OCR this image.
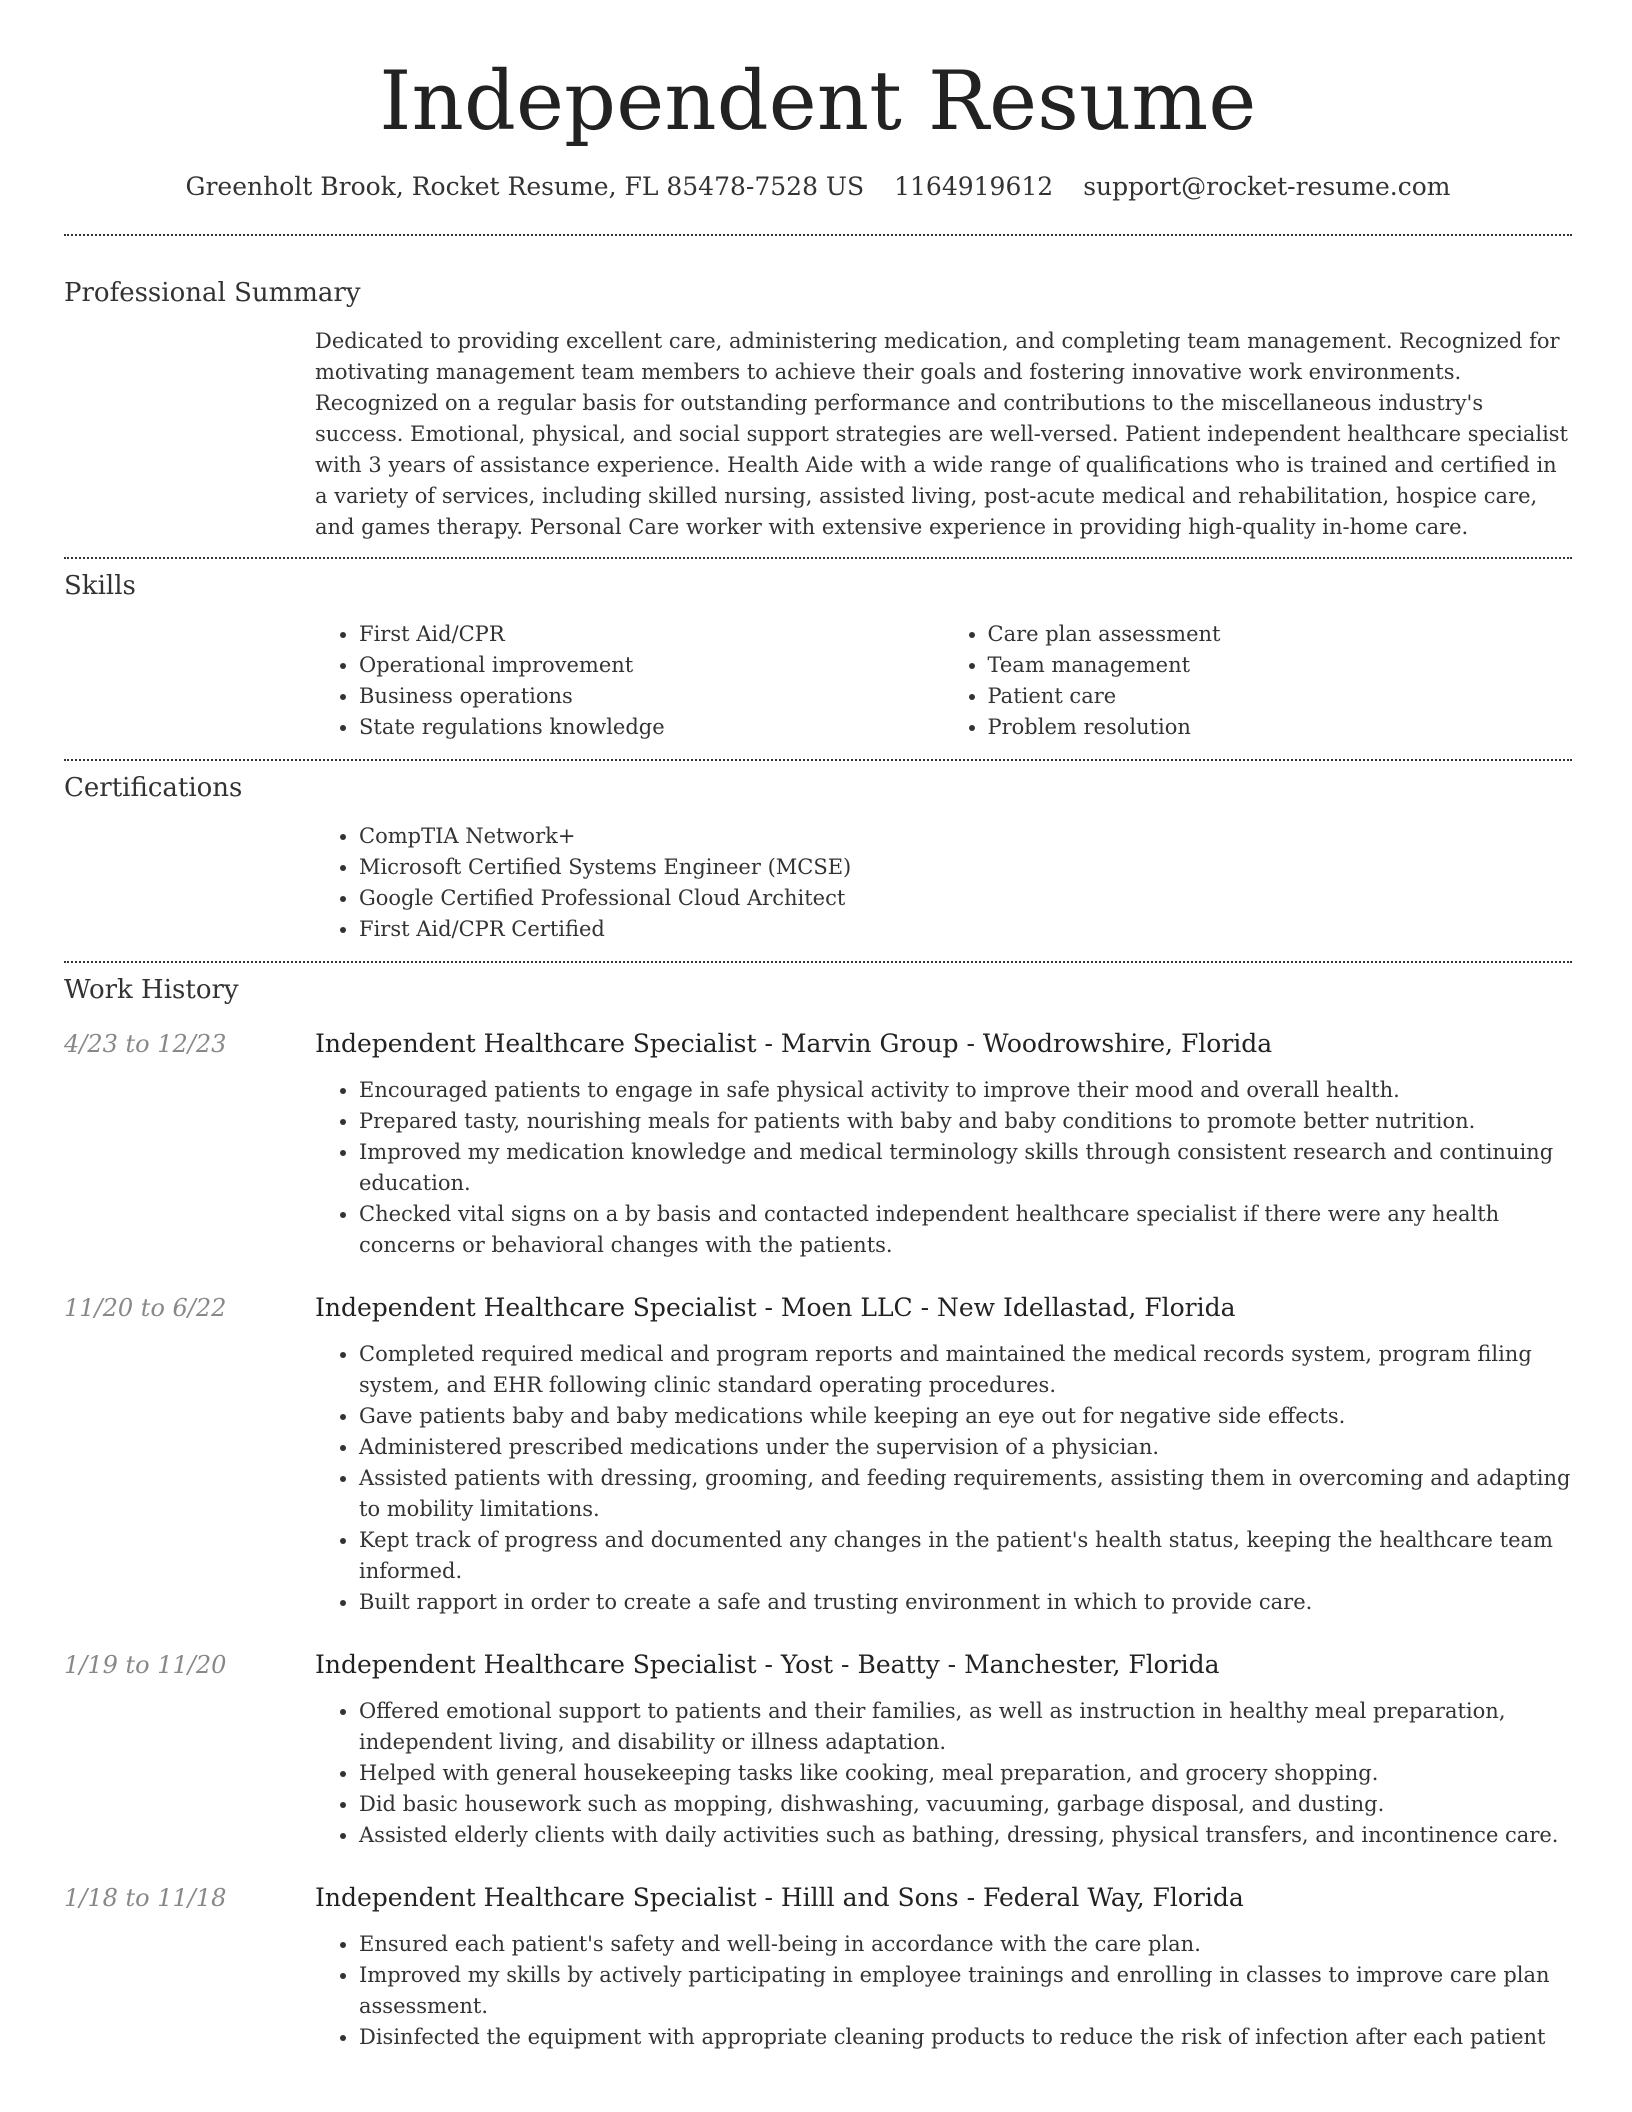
Independent Resume
Greenholt Brook, Rocket Resume, FL 85478-7528 US 1164919612 support@rocket-resume.com
Professional Summary

Dedicated to providing excellent care, administering medication, and completing team management. Recognized for motivating management team members to achieve their goals and fostering innovative work environments. Recognized on a regular basis for outstanding performance and contributions to the miscellaneous industry's success. Emotional, physical, and social support strategies are well-versed. Patient independent healthcare specialist with 3 years of assistance experience. Health Aide with a wide range of qualifications who is trained and certified in a variety of services, including skilled nursing, assisted living, post-acute medical and rehabilitation, hospice care, and games therapy. Personal Care worker with extensive experience in providing high-quality in-home care.

Skills
• First Aid/CPR
• Operational improvement
• Business operations
• State regulations knowledge
• Care plan assessment
• Team management
• Patient care
• Problem resolution
Certifications
• CompTIA Network+
• Microsoft Certified Systems Engineer (MCSE)
• Google Certified Professional Cloud Architect
• First Aid/CPR Certified
Work History
4/23 to 12/23	Independent Healthcare Specialist - Marvin Group - Woodrowshire, Florida
• Encouraged patients to engage in safe physical activity to improve their mood and overall health.
• Prepared tasty, nourishing meals for patients with baby and baby conditions to promote better nutrition.
• Improved my medication knowledge and medical terminology skills through consistent research and continuing education.
• Checked vital signs on a by basis and contacted independent healthcare specialist if there were any health concerns or behavioral changes with the patients.
11/20 to 6/22	Independent Healthcare Specialist - Moen LLC - New Idellastad, Florida
• Completed required medical and program reports and maintained the medical records system, program filing system, and EHR following clinic standard operating procedures.
• Gave patients baby and baby medications while keeping an eye out for negative side effects.
• Administered prescribed medications under the supervision of a physician.
• Assisted patients with dressing, grooming, and feeding requirements, assisting them in overcoming and adapting to mobility limitations.
• Kept track of progress and documented any changes in the patient's health status, keeping the healthcare team informed.
• Built rapport in order to create a safe and trusting environment in which to provide care.
1/19 to 11/20	Independent Healthcare Specialist - Yost - Beatty - Manchester, Florida
• Offered emotional support to patients and their families, as well as instruction in healthy meal preparation, independent living, and disability or illness adaptation.
• Helped with general housekeeping tasks like cooking, meal preparation, and grocery shopping.
• Did basic housework such as mopping, dishwashing, vacuuming, garbage disposal, and dusting.
• Assisted elderly clients with daily activities such as bathing, dressing, physical transfers, and incontinence care.
1/18 to 11/18	Independent Healthcare Specialist - Hilll and Sons - Federal Way, Florida
• Ensured each patient's safety and well-being in accordance with the care plan.
• Improved my skills by actively participating in employee trainings and enrolling in classes to improve care plan assessment.
• Disinfected the equipment with appropriate cleaning products to reduce the risk of infection after each patient
